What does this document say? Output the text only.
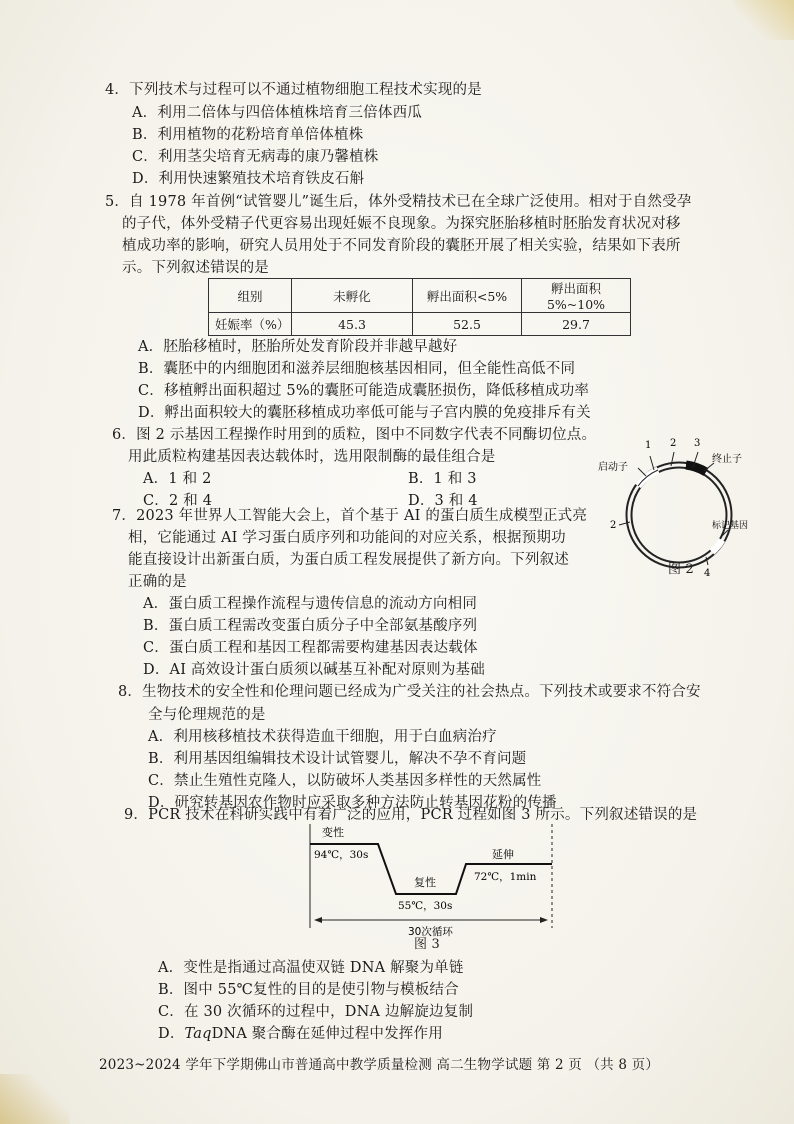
4．下列技术与过程可以不通过植物细胞工程技术实现的是
A．利用二倍体与四倍体植株培育三倍体西瓜
B．利用植物的花粉培育单倍体植株
C．利用茎尖培育无病毒的康乃馨植株
D．利用快速繁殖技术培育铁皮石斛
5．自 1978 年首例“试管婴儿”诞生后，体外受精技术已在全球广泛使用。相对于自然受孕
的子代，体外受精子代更容易出现妊娠不良现象。为探究胚胎移植时胚胎发育状况对移
植成功率的影响，研究人员用处于不同发育阶段的囊胚开展了相关实验，结果如下表所
示。下列叙述错误的是
组别	未孵化	孵出面积<5%	孵出面积5%~10%
妊娠率（%）	45.3	52.5	29.7
A．胚胎移植时，胚胎所处发育阶段并非越早越好
B．囊胚中的内细胞团和滋养层细胞核基因相同，但全能性高低不同
C．移植孵出面积超过 5%的囊胚可能造成囊胚损伤，降低移植成功率
D．孵出面积较大的囊胚移植成功率低可能与子宫内膜的免疫排斥有关
6．图 2 示基因工程操作时用到的质粒，图中不同数字代表不同酶切位点。
用此质粒构建基因表达载体时，选用限制酶的最佳组合是
A．1 和 2	B．1 和 3
C．2 和 4	D．3 和 4
1 2 3
2
4
启动子
终止子
标记基因
图 2
7．2023 年世界人工智能大会上，首个基于 AI 的蛋白质生成模型正式亮
相，它能通过 AI 学习蛋白质序列和功能间的对应关系，根据预期功
能直接设计出新蛋白质，为蛋白质工程发展提供了新方向。下列叙述
正确的是
A．蛋白质工程操作流程与遗传信息的流动方向相同
B．蛋白质工程需改变蛋白质分子中全部氨基酸序列
C．蛋白质工程和基因工程都需要构建基因表达载体
D．AI 高效设计蛋白质须以碱基互补配对原则为基础
8．生物技术的安全性和伦理问题已经成为广受关注的社会热点。下列技术或要求不符合安
全与伦理规范的是
A．利用核移植技术获得造血干细胞，用于白血病治疗
B．利用基因组编辑技术设计试管婴儿，解决不孕不育问题
C．禁止生殖性克隆人，以防破坏人类基因多样性的天然属性
D．研究转基因农作物时应采取多种方法防止转基因花粉的传播
9．PCR 技术在科研实践中有着广泛的应用，PCR 过程如图 3 所示。下列叙述错误的是
变性
94℃，30s
复性
55℃，30s
延伸
72℃，1min
30次循环
图 3
A．变性是指通过高温使双链 DNA 解聚为单链
B．图中 55℃复性的目的是使引物与模板结合
C．在 30 次循环的过程中，DNA 边解旋边复制
D．TaqDNA 聚合酶在延伸过程中发挥作用
2023~2024 学年下学期佛山市普通高中教学质量检测 高二生物学试题 第 2 页 （共 8 页）
